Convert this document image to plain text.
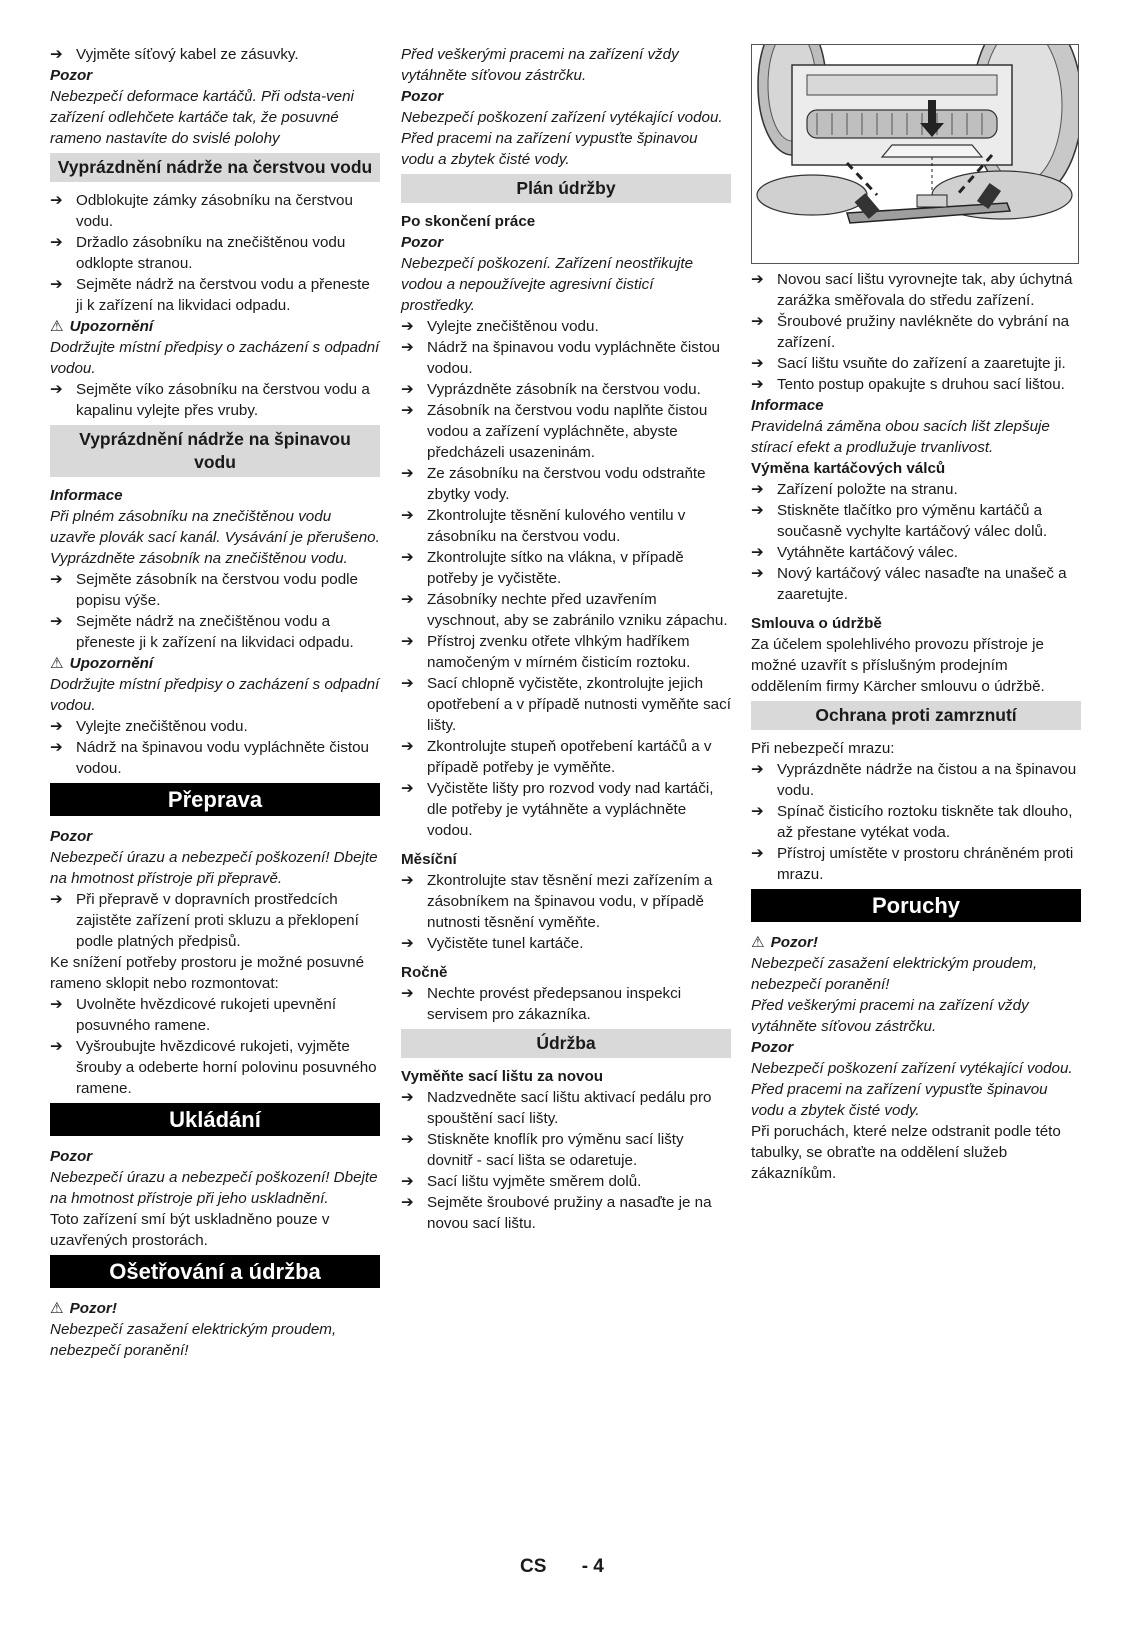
➔ Vyjměte síťový kabel ze zásuvky.

Pozor

Nebezpečí deformace kartáčů. Při odsta-veni zařízení odlehčete kartáče tak, že posuvné rameno nastavíte do svislé polohy

Vyprázdnění nádrže na čerstvou vodu

➔ Odblokujte zámky zásobníku na čerstvou vodu.

➔ Držadlo zásobníku na znečištěnou vodu odklopte stranou.

➔ Sejměte nádrž na čerstvou vodu a přeneste ji k zařízení na likvidaci odpadu.

⚠ Upozornění

Dodržujte místní předpisy o zacházení s odpadní vodou.

➔ Sejměte víko zásobníku na čerstvou vodu a kapalinu vylejte přes vruby.

Vyprázdnění nádrže na špinavou vodu

Informace

Při plném zásobníku na znečištěnou vodu uzavře plovák sací kanál. Vysávání je přerušeno. Vyprázdněte zásobník na znečištěnou vodu.

➔ Sejměte zásobník na čerstvou vodu podle popisu výše.

➔ Sejměte nádrž na znečištěnou vodu a přeneste ji k zařízení na likvidaci odpadu.

⚠ Upozornění

Dodržujte místní předpisy o zacházení s odpadní vodou.

➔ Vylejte znečištěnou vodu.

➔ Nádrž na špinavou vodu vypláchněte čistou vodou.

Přeprava

Pozor

Nebezpečí úrazu a nebezpečí poškození! Dbejte na hmotnost přístroje při přepravě.

➔ Při přepravě v dopravních prostředcích zajistěte zařízení proti skluzu a překlopení podle platných předpisů.

Ke snížení potřeby prostoru je možné posuvné rameno sklopit nebo rozmontovat:

➔ Uvolněte hvězdicové rukojeti upevnění posuvného ramene.

➔ Vyšroubujte hvězdicové rukojeti, vyjměte šrouby a odeberte horní polovinu posuvného ramene.

Ukládání

Pozor

Nebezpečí úrazu a nebezpečí poškození! Dbejte na hmotnost přístroje při jeho uskladnění.

Toto zařízení smí být uskladněno pouze v uzavřených prostorách.

Ošetřování a údržba

⚠ Pozor!

Nebezpečí zasažení elektrickým proudem, nebezpečí poranění!

Před veškerými pracemi na zařízení vždy vytáhněte síťovou zástrčku.

Pozor

Nebezpečí poškození zařízení vytékající vodou. Před pracemi na zařízení vypusťte špinavou vodu a zbytek čisté vody.

Plán údržby

Po skončení práce

Pozor

Nebezpečí poškození. Zařízení neostřikujte vodou a nepoužívejte agresivní čisticí prostředky.

➔ Vylejte znečištěnou vodu.

➔ Nádrž na špinavou vodu vypláchněte čistou vodou.

➔ Vyprázdněte zásobník na čerstvou vodu.

➔ Zásobník na čerstvou vodu naplňte čistou vodou a zařízení vypláchněte, abyste předcházeli usazeninám.

➔ Ze zásobníku na čerstvou vodu odstraňte zbytky vody.

➔ Zkontrolujte těsnění kulového ventilu v zásobníku na čerstvou vodu.

➔ Zkontrolujte sítko na vlákna, v případě potřeby je vyčistěte.

➔ Zásobníky nechte před uzavřením vyschnout, aby se zabránilo vzniku zápachu.

➔ Přístroj zvenku otřete vlhkým hadříkem namočeným v mírném čisticím roztoku.

➔ Sací chlopně vyčistěte, zkontrolujte jejich opotřebení a v případě nutnosti vyměňte sací lišty.

➔ Zkontrolujte stupeň opotřebení kartáčů a v případě potřeby je vyměňte.

➔ Vyčistěte lišty pro rozvod vody nad kartáči, dle potřeby je vytáhněte a vypláchněte vodou.

Měsíční

➔ Zkontrolujte stav těsnění mezi zařízením a zásobníkem na špinavou vodu, v případě nutnosti těsnění vyměňte.

➔ Vyčistěte tunel kartáče.

Ročně

➔ Nechte provést předepsanou inspekci servisem pro zákazníka.

Údržba

Vyměňte sací lištu za novou

➔ Nadzvedněte sací lištu aktivací pedálu pro spouštění sací lišty.

➔ Stiskněte knoflík pro výměnu sací lišty dovnitř - sací lišta se odaretuje.

➔ Sací lištu vyjměte směrem dolů.

➔ Sejměte šroubové pružiny a nasaďte je na novou sací lištu.

➔ Novou sací lištu vyrovnejte tak, aby úchytná zarážka směřovala do středu zařízení.

➔ Šroubové pružiny navlékněte do vybrání na zařízení.

➔ Sací lištu vsuňte do zařízení a zaaretujte ji.

➔ Tento postup opakujte s druhou sací lištou.

Informace

Pravidelná záměna obou sacích lišt zlepšuje stírací efekt a prodlužuje trvanlivost.

Výměna kartáčových válců

➔ Zařízení položte na stranu.

➔ Stiskněte tlačítko pro výměnu kartáčů a současně vychylte kartáčový válec dolů.

➔ Vytáhněte kartáčový válec.

➔ Nový kartáčový válec nasaďte na unašeč a zaaretujte.

Smlouva o údržbě

Za účelem spolehlivého provozu přístroje je možné uzavřít s příslušným prodejním oddělením firmy Kärcher smlouvu o údržbě.

Ochrana proti zamrznutí

Při nebezpečí mrazu:

➔ Vyprázdněte nádrže na čistou a na špinavou vodu.

➔ Spínač čisticího roztoku tiskněte tak dlouho, až přestane vytékat voda.

➔ Přístroj umístěte v prostoru chráněném proti mrazu.

Poruchy

⚠ Pozor!

Nebezpečí zasažení elektrickým proudem, nebezpečí poranění!

Před veškerými pracemi na zařízení vždy vytáhněte síťovou zástrčku.

Pozor

Nebezpečí poškození zařízení vytékající vodou. Před pracemi na zařízení vypusťte špinavou vodu a zbytek čisté vody.

Při poruchách, které nelze odstranit podle této tabulky, se obraťte na oddělení služeb zákazníkům.

CS - 4
